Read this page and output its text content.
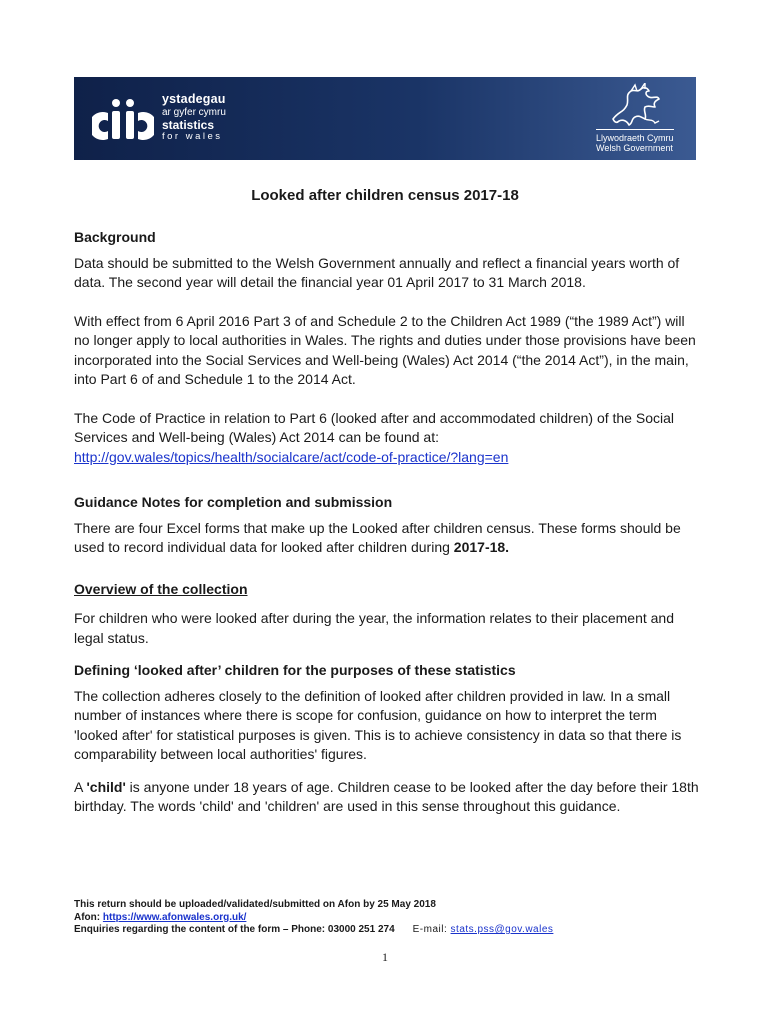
ystadegau
ar gyfer cymru
statistics
for wales	Llywodraeth Cymru
Welsh Government
Looked after children census 2017-18
Background

Data should be submitted to the Welsh Government annually and reflect a financial years worth of data. The second year will detail the financial year 01 April 2017 to 31 March 2018.

With effect from 6 April 2016 Part 3 of and Schedule 2 to the Children Act 1989 (“the 1989 Act”) will no longer apply to local authorities in Wales. The rights and duties under those provisions have been incorporated into the Social Services and Well-being (Wales) Act 2014 (“the 2014 Act”), in the main, into Part 6 of and Schedule 1 to the 2014 Act.

The Code of Practice in relation to Part 6 (looked after and accommodated children) of the Social Services and Well-being (Wales) Act 2014 can be found at:
http://gov.wales/topics/health/socialcare/act/code-of-practice/?lang=en

Guidance Notes for completion and submission

There are four Excel forms that make up the Looked after children census. These forms should be used to record individual data for looked after children during 2017-18.

Overview of the collection

For children who were looked after during the year, the information relates to their placement and legal status.

Defining ‘looked after’ children for the purposes of these statistics

The collection adheres closely to the definition of looked after children provided in law. In a small number of instances where there is scope for confusion, guidance on how to interpret the term 'looked after' for statistical purposes is given. This is to achieve consistency in data so that there is comparability between local authorities' figures.

A 'child' is anyone under 18 years of age. Children cease to be looked after the day before their 18th birthday. The words 'child' and 'children' are used in this sense throughout this guidance.

This return should be uploaded/validated/submitted on Afon by 25 May 2018
Afon: https://www.afonwales.org.uk/
Enquiries regarding the content of the form – Phone: 03000 251 274 E-mail: stats.pss@gov.wales
1
